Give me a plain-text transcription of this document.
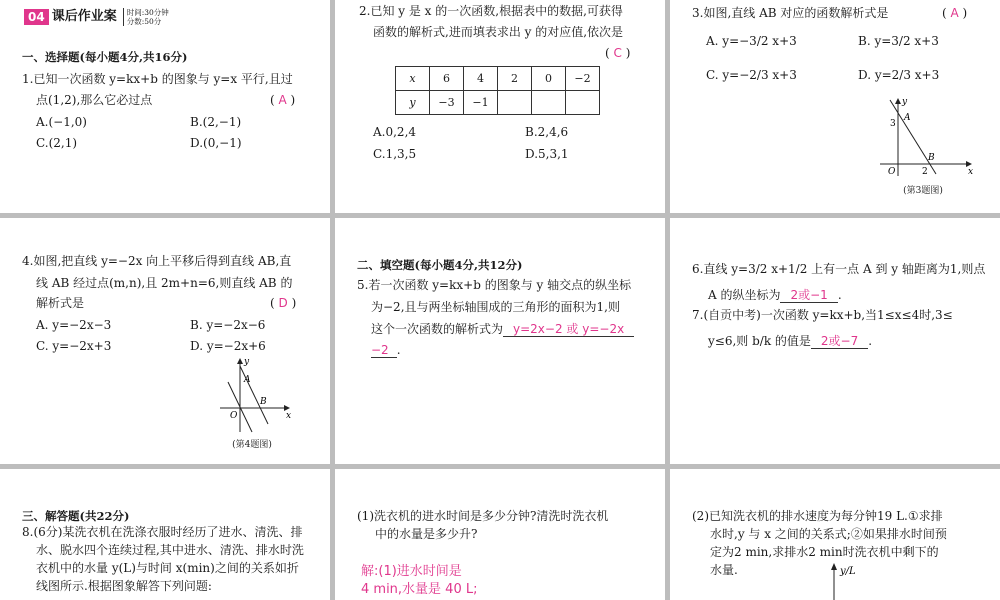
04 课后作业案 时间:30分钟
分数:50分
一、选择题(每小题4分,共16分)
1.已知一次函数 y=kx+b 的图象与 y=x 平行,且过
点(1,2),那么它必过点	( A )
A.(−1,0)	B.(2,−1)
C.(2,1)	D.(0,−1)
2.已知 y 是 x 的一次函数,根据表中的数据,可获得
函数的解析式,进而填表求出 y 的对应值,依次是
( C )
x	6	4	2	0	−2
y	−3	−1			
A.0,2,4	B.2,4,6
C.1,3,5	D.5,3,1
3.如图,直线 AB 对应的函数解析式是	( A )
A. y=−3/2 x+3	B. y=3/2 x+3
C. y=−2/3 x+3	D. y=2/3 x+3
y
A
3
O	2
B
x
(第3题图)
4.如图,把直线 y=−2x 向上平移后得到直线 AB,直
线 AB 经过点(m,n),且 2m+n=6,则直线 AB 的
解析式是	( D )
A. y=−2x−3	B. y=−2x−6
C. y=−2x+3	D. y=−2x+6
y
A
B
O	x
(第4题图)
二、填空题(每小题4分,共12分)
5.若一次函数 y=kx+b 的图象与 y 轴交点的纵坐标
为−2,且与两坐标轴围成的三角形的面积为1,则
这个一次函数的解析式为 y=2x−2 或 y=−2x
−2 .
6.直线 y=3/2 x+1/2 上有一点 A 到 y 轴距离为1,则点
A 的纵坐标为 2或−1 .
7.(自贡中考)一次函数 y=kx+b,当1≤x≤4时,3≤
y≤6,则 b/k 的值是 2或−7 .
三、解答题(共22分)
8.(6分)某洗衣机在洗涤衣服时经历了进水、清洗、排
水、脱水四个连续过程,其中进水、清洗、排水时洗
衣机中的水量 y(L)与时间 x(min)之间的关系如折
线图所示.根据图象解答下列问题:
(1)洗衣机的进水时间是多少分钟?清洗时洗衣机
中的水量是多少升?
解:(1)进水时间是
4 min,水量是 40 L;
(2)已知洗衣机的排水速度为每分钟19 L.①求排
水时,y 与 x 之间的关系式;②如果排水时间预
定为2 min,求排水2 min时洗衣机中剩下的
水量.	y/L
